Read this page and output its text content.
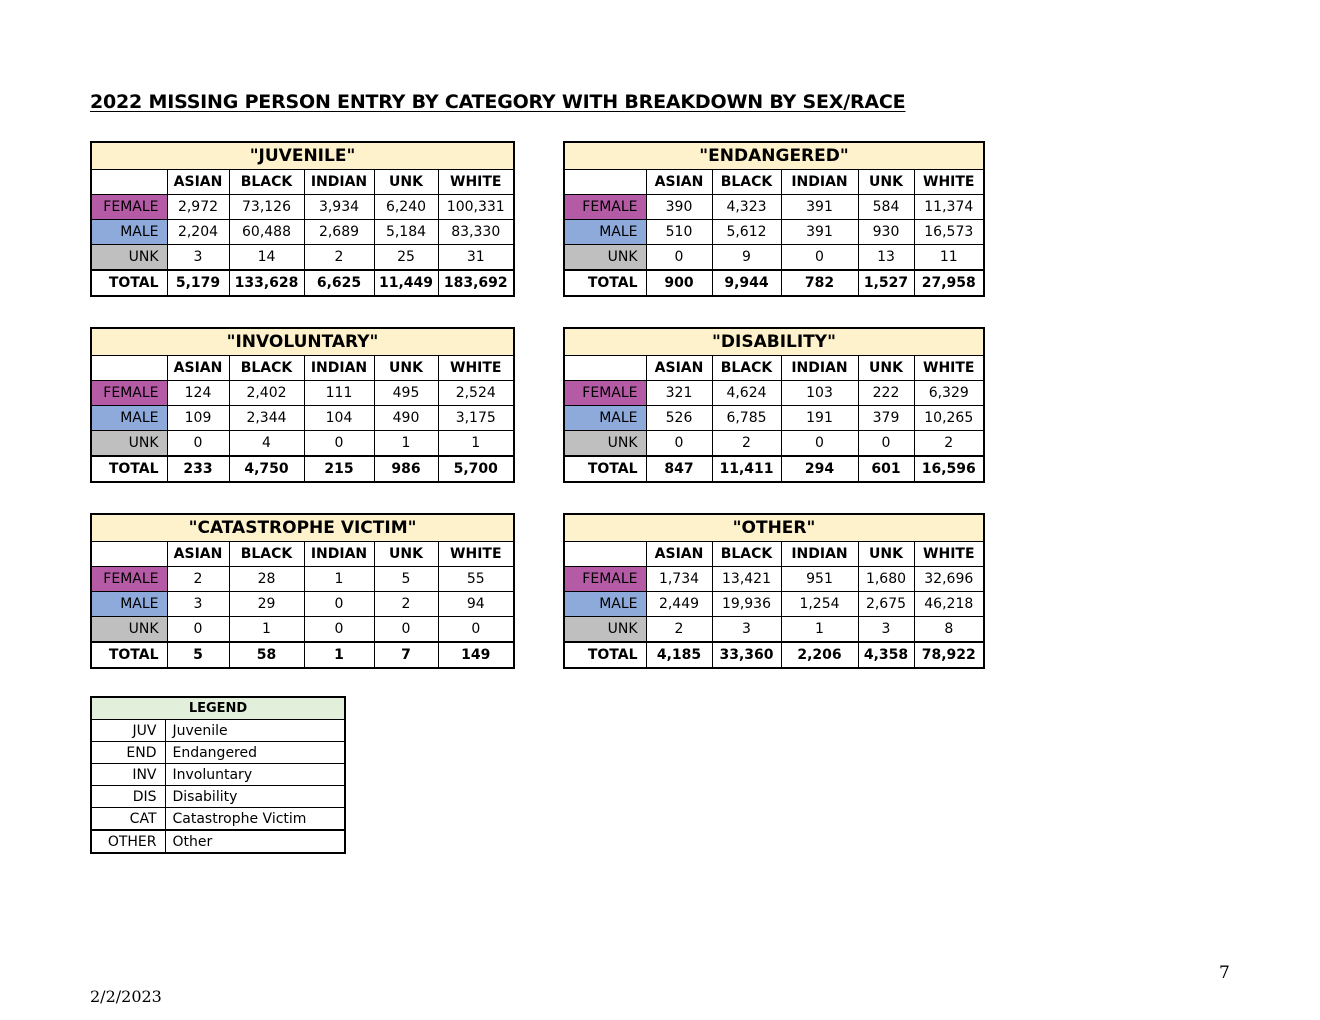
2022 MISSING PERSON ENTRY BY CATEGORY WITH BREAKDOWN BY SEX/RACE
"JUVENILE"					
	ASIAN	BLACK	INDIAN	UNK	WHITE
FEMALE	2,972	73,126	3,934	6,240	100,331
MALE	2,204	60,488	2,689	5,184	83,330
UNK	3	14	2	25	31
TOTAL	5,179	133,628	6,625	11,449	183,692
"ENDANGERED"					
	ASIAN	BLACK	INDIAN	UNK	WHITE
FEMALE	390	4,323	391	584	11,374
MALE	510	5,612	391	930	16,573
UNK	0	9	0	13	11
TOTAL	900	9,944	782	1,527	27,958
"INVOLUNTARY"					
	ASIAN	BLACK	INDIAN	UNK	WHITE
FEMALE	124	2,402	111	495	2,524
MALE	109	2,344	104	490	3,175
UNK	0	4	0	1	1
TOTAL	233	4,750	215	986	5,700
"DISABILITY"					
	ASIAN	BLACK	INDIAN	UNK	WHITE
FEMALE	321	4,624	103	222	6,329
MALE	526	6,785	191	379	10,265
UNK	0	2	0	0	2
TOTAL	847	11,411	294	601	16,596
"CATASTROPHE VICTIM"					
	ASIAN	BLACK	INDIAN	UNK	WHITE
FEMALE	2	28	1	5	55
MALE	3	29	0	2	94
UNK	0	1	0	0	0
TOTAL	5	58	1	7	149
"OTHER"					
	ASIAN	BLACK	INDIAN	UNK	WHITE
FEMALE	1,734	13,421	951	1,680	32,696
MALE	2,449	19,936	1,254	2,675	46,218
UNK	2	3	1	3	8
TOTAL	4,185	33,360	2,206	4,358	78,922
LEGEND	
JUV	Juvenile
END	Endangered
INV	Involuntary
DIS	Disability
CAT	Catastrophe Victim
OTHER	Other
7
2/2/2023
